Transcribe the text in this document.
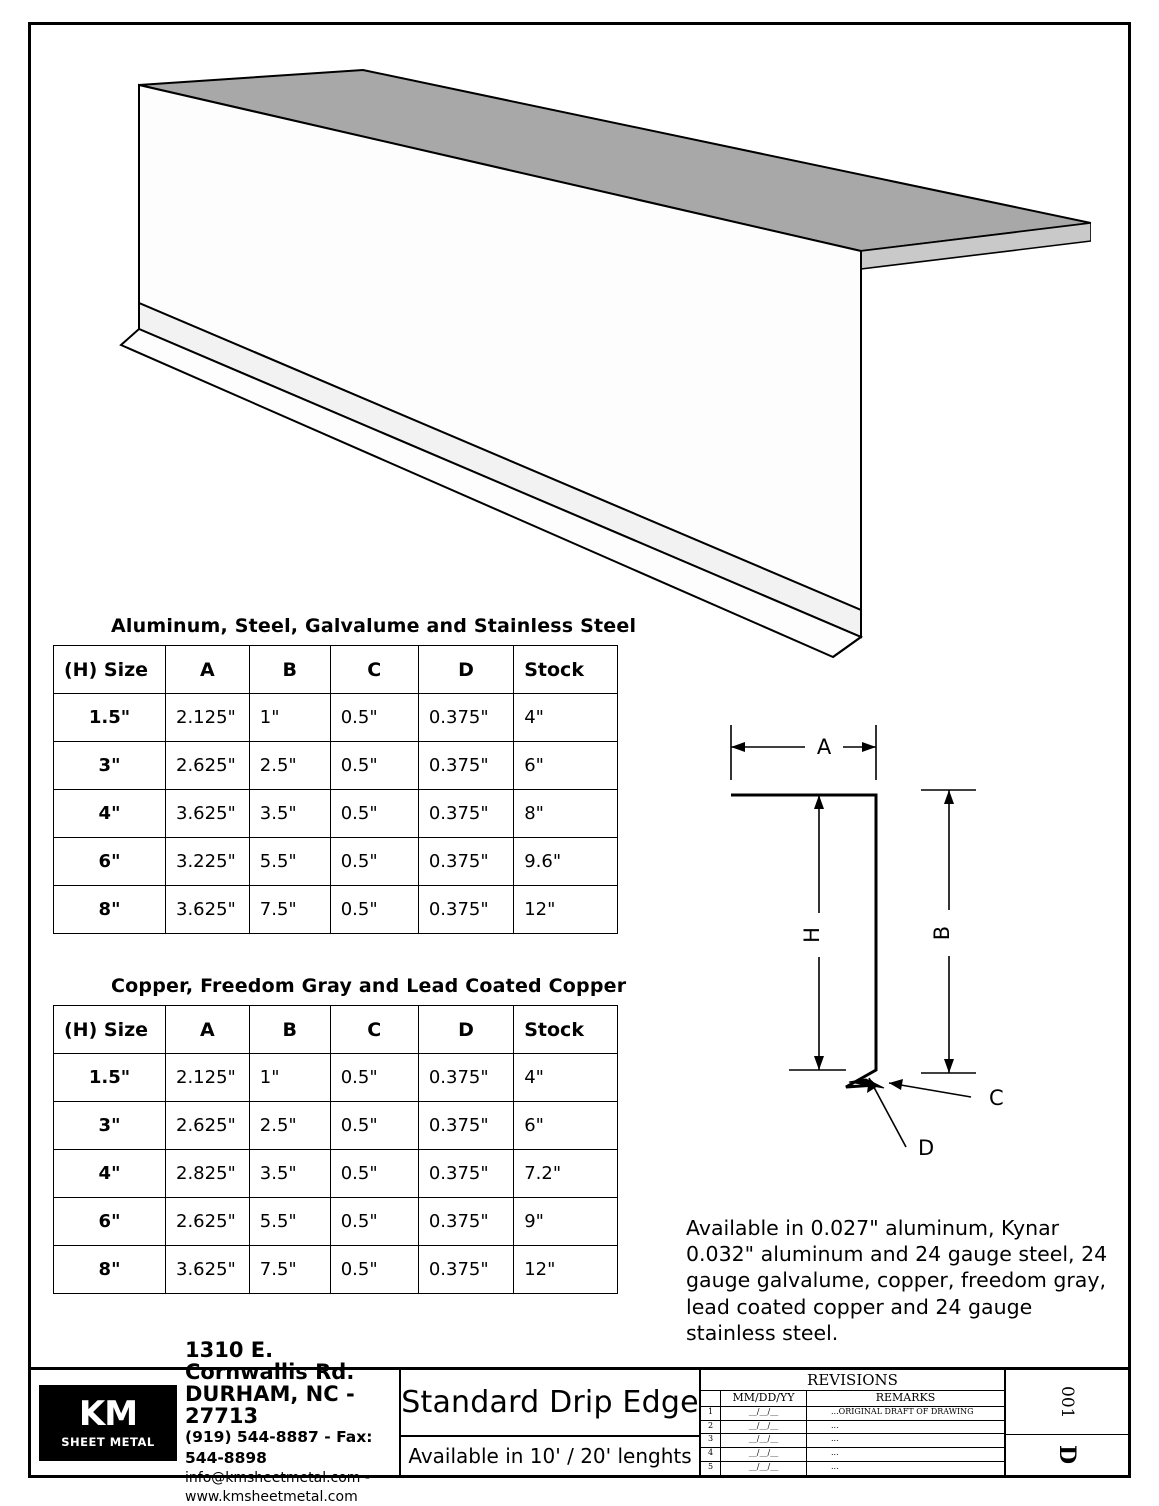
Aluminum, Steel, Galvalume and Stainless Steel
(H) Size	A	B	C	D	Stock
1.5"	2.125"	1"	0.5"	0.375"	4"
3"	2.625"	2.5"	0.5"	0.375"	6"
4"	3.625"	3.5"	0.5"	0.375"	8"
6"	3.225"	5.5"	0.5"	0.375"	9.6"
8"	3.625"	7.5"	0.5"	0.375"	12"
Copper, Freedom Gray and Lead Coated Copper
(H) Size	A	B	C	D	Stock
1.5"	2.125"	1"	0.5"	0.375"	4"
3"	2.625"	2.5"	0.5"	0.375"	6"
4"	2.825"	3.5"	0.5"	0.375"	7.2"
6"	2.625"	5.5"	0.5"	0.375"	9"
8"	3.625"	7.5"	0.5"	0.375"	12"
A
B
H
C
D
Available in 0.027" aluminum, Kynar 0.032" aluminum and 24 gauge steel, 24 gauge galvalume, copper, freedom gray, lead coated copper and 24 gauge stainless steel.
KM
SHEET METAL
1310 E. Cornwallis Rd.
DURHAM, NC - 27713
(919) 544-8887 - Fax: 544-8898
info@kmsheetmetal.com - www.kmsheetmetal.com
Standard Drip Edge
Available in 10' / 20' lenghts
REVISIONS
MM/DD/YY	REMARKS
1	__/__/__	...ORIGINAL DRAFT OF DRAWING
2	__/__/__	...
3	__/__/__	...
4	__/__/__	...
5	__/__/__	...
001
D
